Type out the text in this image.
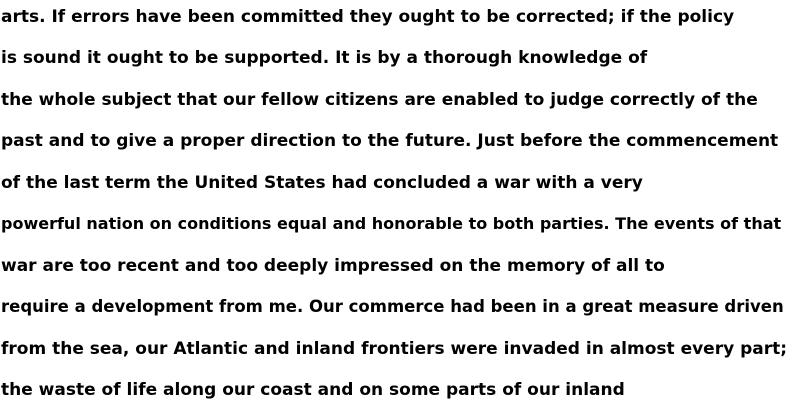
arts. If errors have been committed they ought to be corrected; if the policy

is sound it ought to be supported. It is by a thorough knowledge of

the whole subject that our fellow citizens are enabled to judge correctly of the

past and to give a proper direction to the future. Just before the commencement

of the last term the United States had concluded a war with a very

powerful nation on conditions equal and honorable to both parties. The events of that

war are too recent and too deeply impressed on the memory of all to

require a development from me. Our commerce had been in a great measure driven

from the sea, our Atlantic and inland frontiers were invaded in almost every part;

the waste of life along our coast and on some parts of our inland
